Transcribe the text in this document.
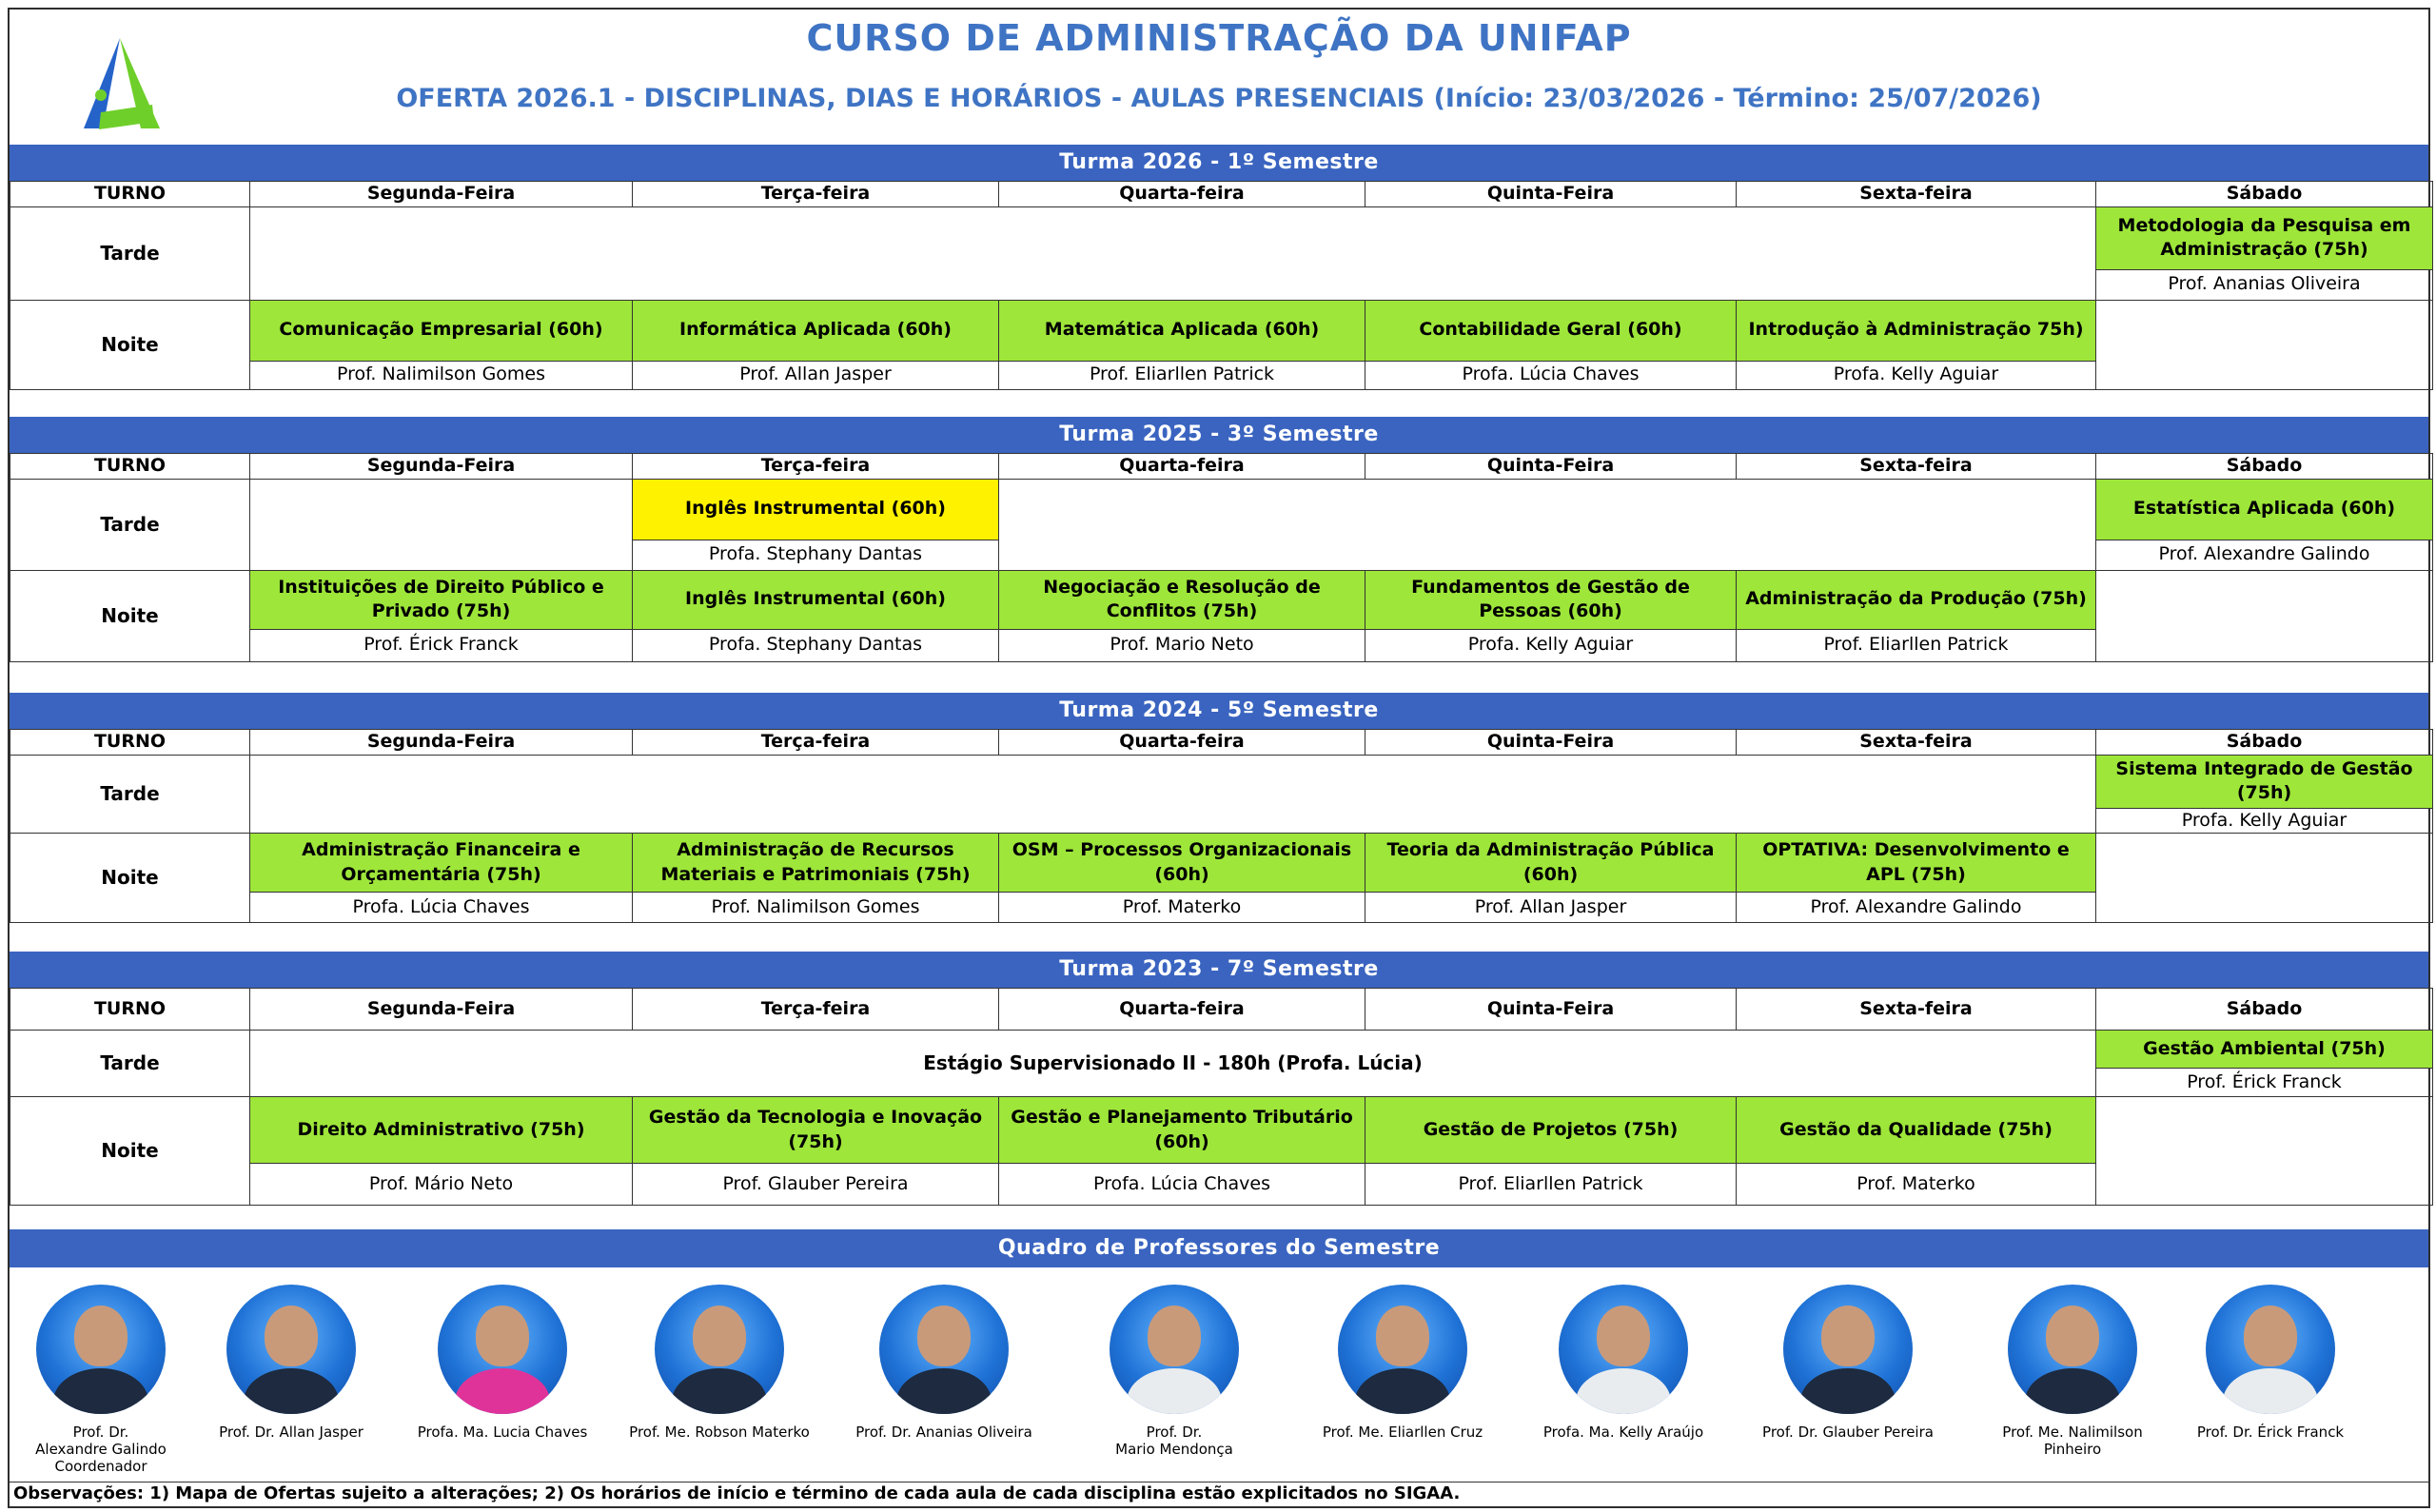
CURSO DE ADMINISTRAÇÃO DA UNIFAP
OFERTA 2026.1 - DISCIPLINAS, DIAS E HORÁRIOS - AULAS PRESENCIAIS (Início: 23/03/2026 - Término: 25/07/2026)
Turma 2026 - 1º Semestre
TURNO	Segunda-Feira	Terça-feira	Quarta-feira	Quinta-Feira	Sexta-feira	Sábado
Tarde						Metodologia da Pesquisa em Administração (75h)
						Prof. Ananias Oliveira
Noite	Comunicação Empresarial (60h)	Informática Aplicada (60h)	Matemática Aplicada (60h)	Contabilidade Geral (60h)	Introdução à Administração 75h)	
	Prof. Nalimilson Gomes	Prof. Allan Jasper	Prof. Eliarllen Patrick	Profa. Lúcia Chaves	Profa. Kelly Aguiar	
Turma 2025 - 3º Semestre
TURNO	Segunda-Feira	Terça-feira	Quarta-feira	Quinta-Feira	Sexta-feira	Sábado
Tarde		Inglês Instrumental (60h)				Estatística Aplicada (60h)
		Profa. Stephany Dantas				Prof. Alexandre Galindo
Noite	Instituições de Direito Público e Privado (75h)	Inglês Instrumental (60h)	Negociação e Resolução de Conflitos (75h)	Fundamentos de Gestão de Pessoas (60h)	Administração da Produção (75h)	
	Prof. Érick Franck	Profa. Stephany Dantas	Prof. Mario Neto	Profa. Kelly Aguiar	Prof. Eliarllen Patrick	
Turma 2024 - 5º Semestre
TURNO	Segunda-Feira	Terça-feira	Quarta-feira	Quinta-Feira	Sexta-feira	Sábado
Tarde						Sistema Integrado de Gestão (75h)
						Profa. Kelly Aguiar
Noite	Administração Financeira e Orçamentária (75h)	Administração de Recursos Materiais e Patrimoniais (75h)	OSM – Processos Organizacionais (60h)	Teoria da Administração Pública (60h)	OPTATIVA: Desenvolvimento e APL (75h)	
	Profa. Lúcia Chaves	Prof. Nalimilson Gomes	Prof. Materko	Prof. Allan Jasper	Prof. Alexandre Galindo	
Turma 2023 - 7º Semestre
TURNO	Segunda-Feira	Terça-feira	Quarta-feira	Quinta-Feira	Sexta-feira	Sábado
Tarde	Estágio Supervisionado II - 180h (Profa. Lúcia)					Gestão Ambiental (75h)
						Prof. Érick Franck
Noite	Direito Administrativo (75h)	Gestão da Tecnologia e Inovação (75h)	Gestão e Planejamento Tributário (60h)	Gestão de Projetos (75h)	Gestão da Qualidade (75h)	
	Prof. Mário Neto	Prof. Glauber Pereira	Profa. Lúcia Chaves	Prof. Eliarllen Patrick	Prof. Materko	
Quadro de Professores do Semestre
Prof. Dr.
Alexandre Galindo
Coordenador
Prof. Dr. Allan Jasper	Profa. Ma. Lucia Chaves	Prof. Me. Robson Materko	Prof. Dr. Ananias Oliveira	Prof. Dr.
Mario Mendonça
Prof. Me. Eliarllen Cruz	Profa. Ma. Kelly Araújo	Prof. Dr. Glauber Pereira	Prof. Me. Nalimilson
Pinheiro
Prof. Dr. Érick Franck
Observações: 1) Mapa de Ofertas sujeito a alterações; 2) Os horários de início e término de cada aula de cada disciplina estão explicitados no SIGAA.
